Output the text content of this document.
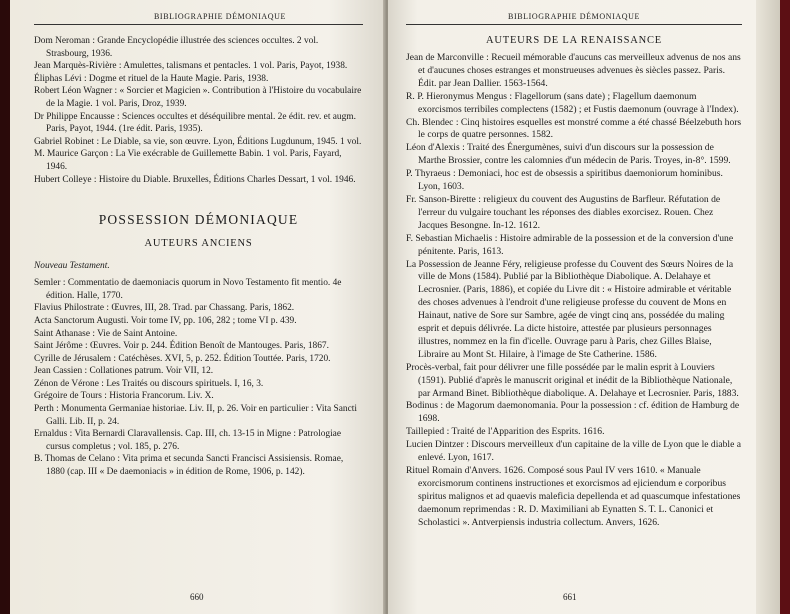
BIBLIOGRAPHIE DÉMONIAQUE

Dom Neroman : Grande Encyclopédie illustrée des sciences occultes. 2 vol. Strasbourg, 1936.

Jean Marquès-Rivière : Amulettes, talismans et pentacles. 1 vol. Paris, Payot, 1938.

Éliphas Lévi : Dogme et rituel de la Haute Magie. Paris, 1938.

Robert Léon Wagner : « Sorcier et Magicien ». Contribution à l'Histoire du vocabulaire de la Magie. 1 vol. Paris, Droz, 1939.

Dr Philippe Encausse : Sciences occultes et déséquilibre mental. 2e édit. rev. et augm. Paris, Payot, 1944. (1re édit. Paris, 1935).

Gabriel Robinet : Le Diable, sa vie, son œuvre. Lyon, Éditions Lugdunum, 1945. 1 vol.

M. Maurice Garçon : La Vie exécrable de Guillemette Babin. 1 vol. Paris, Fayard, 1946.

Hubert Colleye : Histoire du Diable. Bruxelles, Éditions Charles Dessart, 1 vol. 1946.

POSSESSION DÉMONIAQUE
AUTEURS ANCIENS

Nouveau Testament.

Semler : Commentatio de daemoniacis quorum in Novo Testamento fit mentio. 4e édition. Halle, 1770.

Flavius Philostrate : Œuvres, III, 28. Trad. par Chassang. Paris, 1862.

Acta Sanctorum Augusti. Voir tome IV, pp. 106, 282 ; tome VI p. 439.

Saint Athanase : Vie de Saint Antoine.

Saint Jérôme : Œuvres. Voir p. 244. Édition Benoît de Mantouges. Paris, 1867.

Cyrille de Jérusalem : Catéchèses. XVI, 5, p. 252. Édition Touttée. Paris, 1720.

Jean Cassien : Collationes patrum. Voir VII, 12.

Zénon de Vérone : Les Traités ou discours spirituels. I, 16, 3.

Grégoire de Tours : Historia Francorum. Liv. X.

Perth : Monumenta Germaniae historiae. Liv. II, p. 26. Voir en particulier : Vita Sancti Galli. Lib. II, p. 24.

Ernaldus : Vita Bernardi Claravallensis. Cap. III, ch. 13-15 in Migne : Patrologiae cursus completus ; vol. 185, p. 276.

B. Thomas de Celano : Vita prima et secunda Sancti Francisci Assisiensis. Romae, 1880 (cap. III « De daemoniacis » in édition de Rome, 1906, p. 142).

660
BIBLIOGRAPHIE DÉMONIAQUE
AUTEURS DE LA RENAISSANCE

Jean de Marconville : Recueil mémorable d'aucuns cas merveilleux advenus de nos ans et d'aucunes choses estranges et monstrueuses advenues ès siècles passez. Paris. Édit. par Jean Dallier. 1563-1564.

R. P. Hieronymus Mengus : Flagellorum (sans date) ; Flagellum daemonum exorcismos terribiles complectens (1582) ; et Fustis daemonum (ouvrage à l'Index).

Ch. Blendec : Cinq histoires esquelles est monstré comme a été chassé Béelzebuth hors le corps de quatre personnes. 1582.

Léon d'Alexis : Traité des Énergumènes, suivi d'un discours sur la possession de Marthe Brossier, contre les calomnies d'un médecin de Paris. Troyes, in-8°. 1599.

P. Thyraeus : Demoniaci, hoc est de obsessis a spiritibus daemoniorum hominibus. Lyon, 1603.

Fr. Sanson-Birette : religieux du couvent des Augustins de Barfleur. Réfutation de l'erreur du vulgaire touchant les réponses des diables exorcisez. Rouen. Chez Jacques Besongne. In-12. 1612.

F. Sebastian Michaelis : Histoire admirable de la possession et de la conversion d'une pénitente. Paris, 1613.

La Possession de Jeanne Féry, religieuse professe du Couvent des Sœurs Noires de la ville de Mons (1584). Publié par la Bibliothèque Diabolique. A. Delahaye et Lecrosnier. (Paris, 1886), et copiée du Livre dit : « Histoire admirable et véritable des choses advenues à l'endroit d'une religieuse professe du couvent de Mons en Hainaut, native de Sore sur Sambre, agée de vingt cinq ans, possédée du maling esprit et depuis délivrée. La dicte histoire, attestée par plusieurs personnages illustres, nommez en la fin d'icelle. Ouvrage paru à Paris, chez Gilles Blaise, Libraire au Mont St. Hilaire, à l'image de Ste Catherine. 1586.

Procès-verbal, fait pour délivrer une fille possédée par le malin esprit à Louviers (1591). Publié d'après le manuscrit original et inédit de la Bibliothèque Nationale, par Armand Binet. Bibliothèque diabolique. A. Delahaye et Lecrosnier. Paris, 1883.

Bodinus : de Magorum daemonomania. Pour la possession : cf. édition de Hamburg de 1698.

Taillepied : Traité de l'Apparition des Esprits. 1616.

Lucien Dintzer : Discours merveilleux d'un capitaine de la ville de Lyon que le diable a enlevé. Lyon, 1617.

Rituel Romain d'Anvers. 1626. Composé sous Paul IV vers 1610. « Manuale exorcismorum continens instructiones et exorcismos ad ejiciendum e corporibus spiritus malignos et ad quaevis maleficia depellenda et ad quascumque infestationes daemonum reprimendas : R. D. Maximiliani ab Eynatten S. T. L. Canonici et Scholastici ». Antverpiensis industria collectum. Anvers, 1626.

661
